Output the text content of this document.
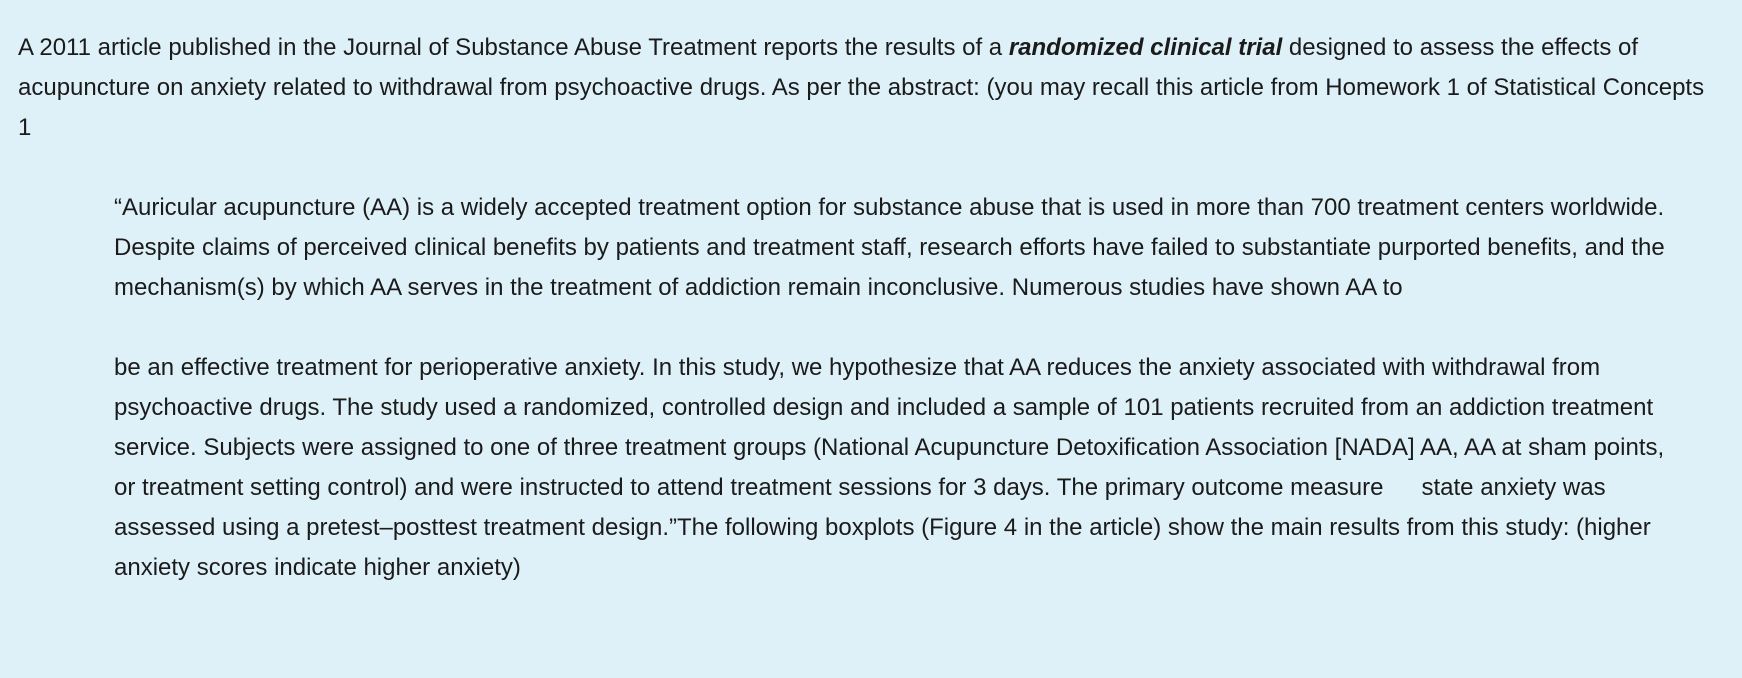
A 2011 article published in the Journal of Substance Abuse Treatment reports the results of a randomized clinical trial designed to assess the effects of acupuncture on anxiety related to withdrawal from psychoactive drugs. As per the abstract: (you may recall this article from Homework 1 of Statistical Concepts 1

“Auricular acupuncture (AA) is a widely accepted treatment option for substance abuse that is used in more than 700 treatment centers worldwide. Despite claims of perceived clinical benefits by patients and treatment staff, research efforts have failed to substantiate purported benefits, and the mechanism(s) by which AA serves in the treatment of addiction remain inconclusive. Numerous studies have shown AA to

be an effective treatment for perioperative anxiety. In this study, we hypothesize that AA reduces the anxiety associated with withdrawal from psychoactive drugs. The study used a randomized, controlled design and included a sample of 101 patients recruited from an addiction treatment service. Subjects were assigned to one of three treatment groups (National Acupuncture Detoxification Association [NADA] AA, AA at sham points, or treatment setting control) and were instructed to attend treatment sessions for 3 days. The primary outcome measure state anxiety was assessed using a pretest–posttest treatment design.”The following boxplots (Figure 4 in the article) show the main results from this study: (higher anxiety scores indicate higher anxiety)
